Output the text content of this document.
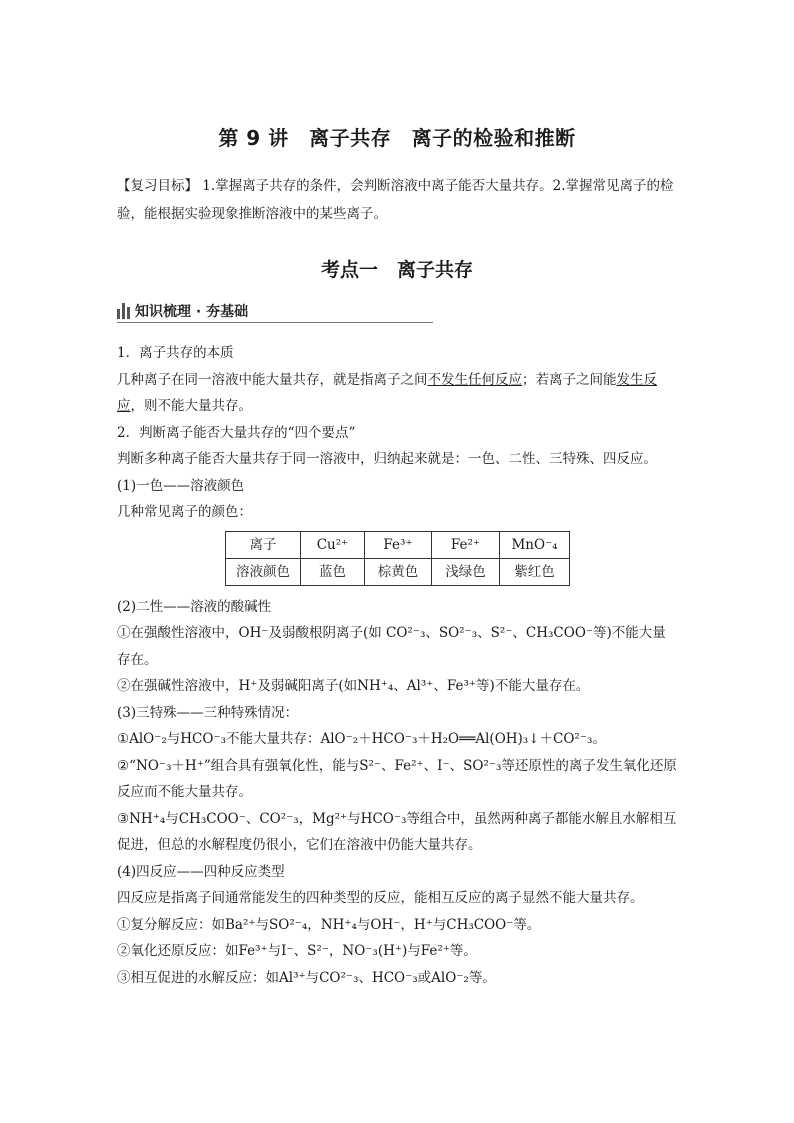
第 9 讲　离子共存　离子的检验和推断
【复习目标】 1.掌握离子共存的条件，会判断溶液中离子能否大量共存。2.掌握常见离子的检验，能根据实验现象推断溶液中的某些离子。
考点一　离子共存
知识梳理 · 夯基础

1．离子共存的本质

几种离子在同一溶液中能大量共存，就是指离子之间不发生任何反应；若离子之间能发生反应，则不能大量共存。

2．判断离子能否大量共存的“四个要点”

判断多种离子能否大量共存于同一溶液中，归纳起来就是：一色、二性、三特殊、四反应。

(1)一色——溶液颜色

几种常见离子的颜色：

离子	Cu²⁺	Fe³⁺	Fe²⁺	MnO⁻₄
溶液颜色	蓝色	棕黄色	浅绿色	紫红色

(2)二性——溶液的酸碱性

①在强酸性溶液中，OH⁻及弱酸根阴离子(如 CO²⁻₃、SO²⁻₃、S²⁻、CH₃COO⁻等)不能大量存在。

②在强碱性溶液中，H⁺及弱碱阳离子(如NH⁺₄、Al³⁺、Fe³⁺等)不能大量存在。

(3)三特殊——三种特殊情况：

①AlO⁻₂与HCO⁻₃不能大量共存：AlO⁻₂＋HCO⁻₃＋H₂O══Al(OH)₃↓＋CO²⁻₃。

②“NO⁻₃＋H⁺”组合具有强氧化性，能与S²⁻、Fe²⁺、I⁻、SO²⁻₃等还原性的离子发生氧化还原反应而不能大量共存。

③NH⁺₄与CH₃COO⁻、CO²⁻₃，Mg²⁺与HCO⁻₃等组合中，虽然两种离子都能水解且水解相互促进，但总的水解程度仍很小，它们在溶液中仍能大量共存。

(4)四反应——四种反应类型

四反应是指离子间通常能发生的四种类型的反应，能相互反应的离子显然不能大量共存。

①复分解反应：如Ba²⁺与SO²⁻₄，NH⁺₄与OH⁻，H⁺与CH₃COO⁻等。

②氧化还原反应：如Fe³⁺与I⁻、S²⁻，NO⁻₃(H⁺)与Fe²⁺等。

③相互促进的水解反应：如Al³⁺与CO²⁻₃、HCO⁻₃或AlO⁻₂等。
